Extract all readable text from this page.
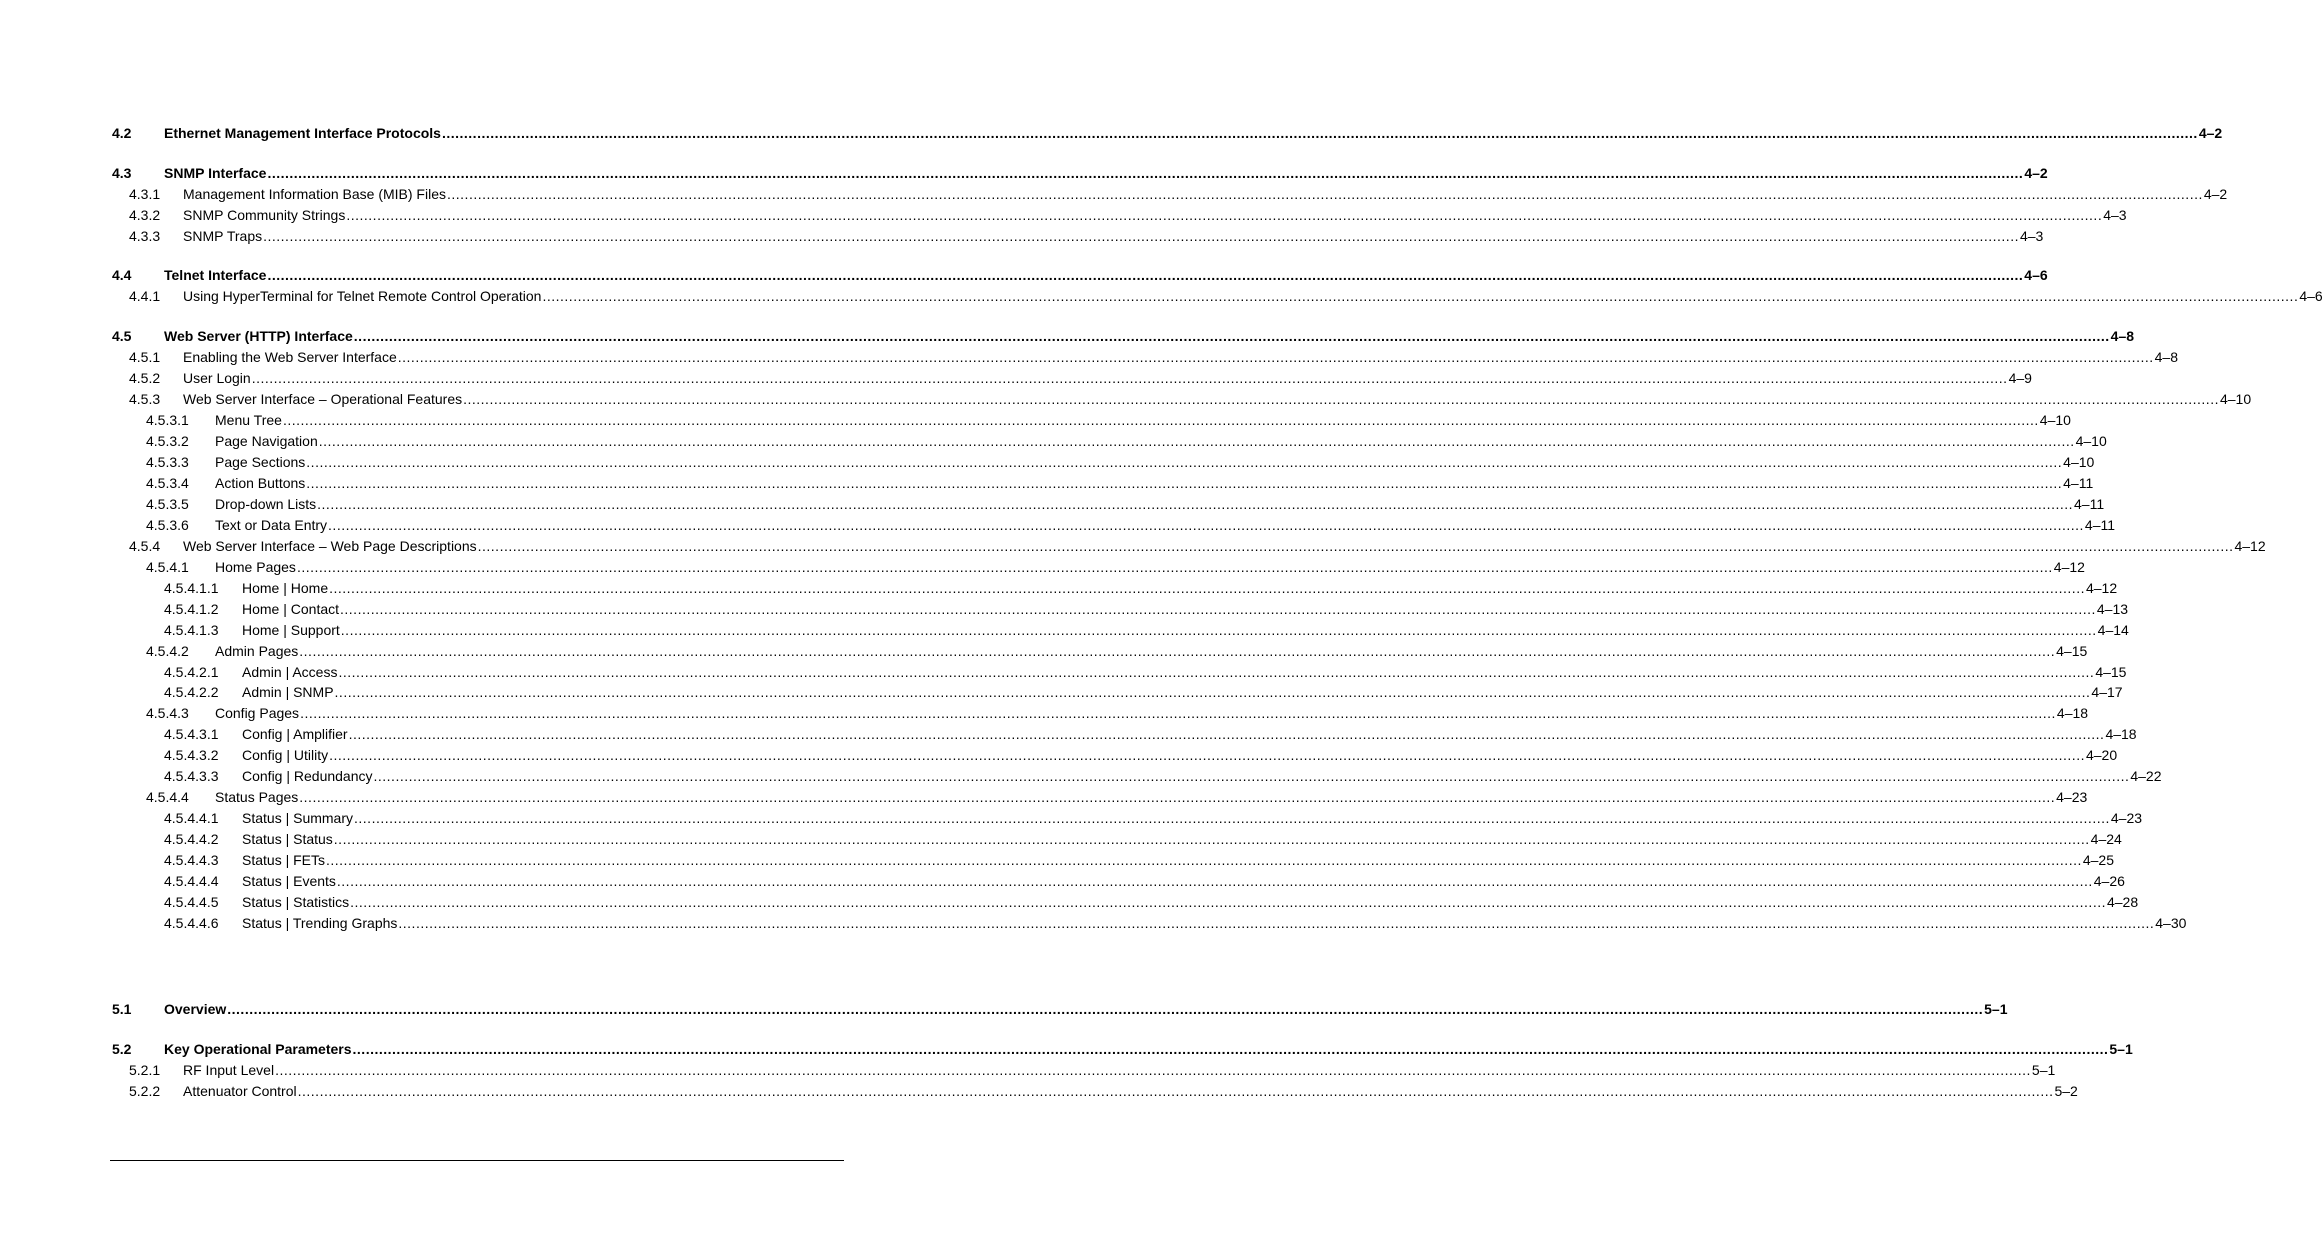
4.2	Ethernet Management Interface Protocols ................................................................................................................................................................................................................................................................................................................................................................................................................ 4–2
4.3	SNMP Interface ................................................................................................................................................................................................................................................................................................................................................................................................................ 4–2
4.3.1	Management Information Base (MIB) Files ................................................................................................................................................................................................................................................................................................................................................................................................................ 4–2
4.3.2	SNMP Community Strings ................................................................................................................................................................................................................................................................................................................................................................................................................ 4–3
4.3.3	SNMP Traps ................................................................................................................................................................................................................................................................................................................................................................................................................ 4–3
4.4	Telnet Interface ................................................................................................................................................................................................................................................................................................................................................................................................................ 4–6
4.4.1	Using HyperTerminal for Telnet Remote Control Operation ................................................................................................................................................................................................................................................................................................................................................................................................................ 4–6
4.5	Web Server (HTTP) Interface ................................................................................................................................................................................................................................................................................................................................................................................................................ 4–8
4.5.1	Enabling the Web Server Interface ................................................................................................................................................................................................................................................................................................................................................................................................................ 4–8
4.5.2	User Login ................................................................................................................................................................................................................................................................................................................................................................................................................ 4–9
4.5.3	Web Server Interface – Operational Features ................................................................................................................................................................................................................................................................................................................................................................................................................ 4–10
4.5.3.1	Menu Tree ................................................................................................................................................................................................................................................................................................................................................................................................................ 4–10
4.5.3.2	Page Navigation ................................................................................................................................................................................................................................................................................................................................................................................................................ 4–10
4.5.3.3	Page Sections ................................................................................................................................................................................................................................................................................................................................................................................................................ 4–10
4.5.3.4	Action Buttons ................................................................................................................................................................................................................................................................................................................................................................................................................ 4–11
4.5.3.5	Drop-down Lists ................................................................................................................................................................................................................................................................................................................................................................................................................ 4–11
4.5.3.6	Text or Data Entry ................................................................................................................................................................................................................................................................................................................................................................................................................ 4–11
4.5.4	Web Server Interface – Web Page Descriptions ................................................................................................................................................................................................................................................................................................................................................................................................................ 4–12
4.5.4.1	Home Pages ................................................................................................................................................................................................................................................................................................................................................................................................................ 4–12
4.5.4.1.1	Home | Home ................................................................................................................................................................................................................................................................................................................................................................................................................ 4–12
4.5.4.1.2	Home | Contact ................................................................................................................................................................................................................................................................................................................................................................................................................ 4–13
4.5.4.1.3	Home | Support ................................................................................................................................................................................................................................................................................................................................................................................................................ 4–14
4.5.4.2	Admin Pages ................................................................................................................................................................................................................................................................................................................................................................................................................ 4–15
4.5.4.2.1	Admin | Access ................................................................................................................................................................................................................................................................................................................................................................................................................ 4–15
4.5.4.2.2	Admin | SNMP ................................................................................................................................................................................................................................................................................................................................................................................................................ 4–17
4.5.4.3	Config Pages ................................................................................................................................................................................................................................................................................................................................................................................................................ 4–18
4.5.4.3.1	Config | Amplifier ................................................................................................................................................................................................................................................................................................................................................................................................................ 4–18
4.5.4.3.2	Config | Utility ................................................................................................................................................................................................................................................................................................................................................................................................................ 4–20
4.5.4.3.3	Config | Redundancy ................................................................................................................................................................................................................................................................................................................................................................................................................ 4–22
4.5.4.4	Status Pages ................................................................................................................................................................................................................................................................................................................................................................................................................ 4–23
4.5.4.4.1	Status | Summary ................................................................................................................................................................................................................................................................................................................................................................................................................ 4–23
4.5.4.4.2	Status | Status ................................................................................................................................................................................................................................................................................................................................................................................................................ 4–24
4.5.4.4.3	Status | FETs ................................................................................................................................................................................................................................................................................................................................................................................................................ 4–25
4.5.4.4.4	Status | Events ................................................................................................................................................................................................................................................................................................................................................................................................................ 4–26
4.5.4.4.5	Status | Statistics ................................................................................................................................................................................................................................................................................................................................................................................................................ 4–28
4.5.4.4.6	Status | Trending Graphs ................................................................................................................................................................................................................................................................................................................................................................................................................ 4–30
5.1	Overview ................................................................................................................................................................................................................................................................................................................................................................................................................ 5–1
5.2	Key Operational Parameters ................................................................................................................................................................................................................................................................................................................................................................................................................ 5–1
5.2.1	RF Input Level ................................................................................................................................................................................................................................................................................................................................................................................................................ 5–1
5.2.2	Attenuator Control ................................................................................................................................................................................................................................................................................................................................................................................................................ 5–2
